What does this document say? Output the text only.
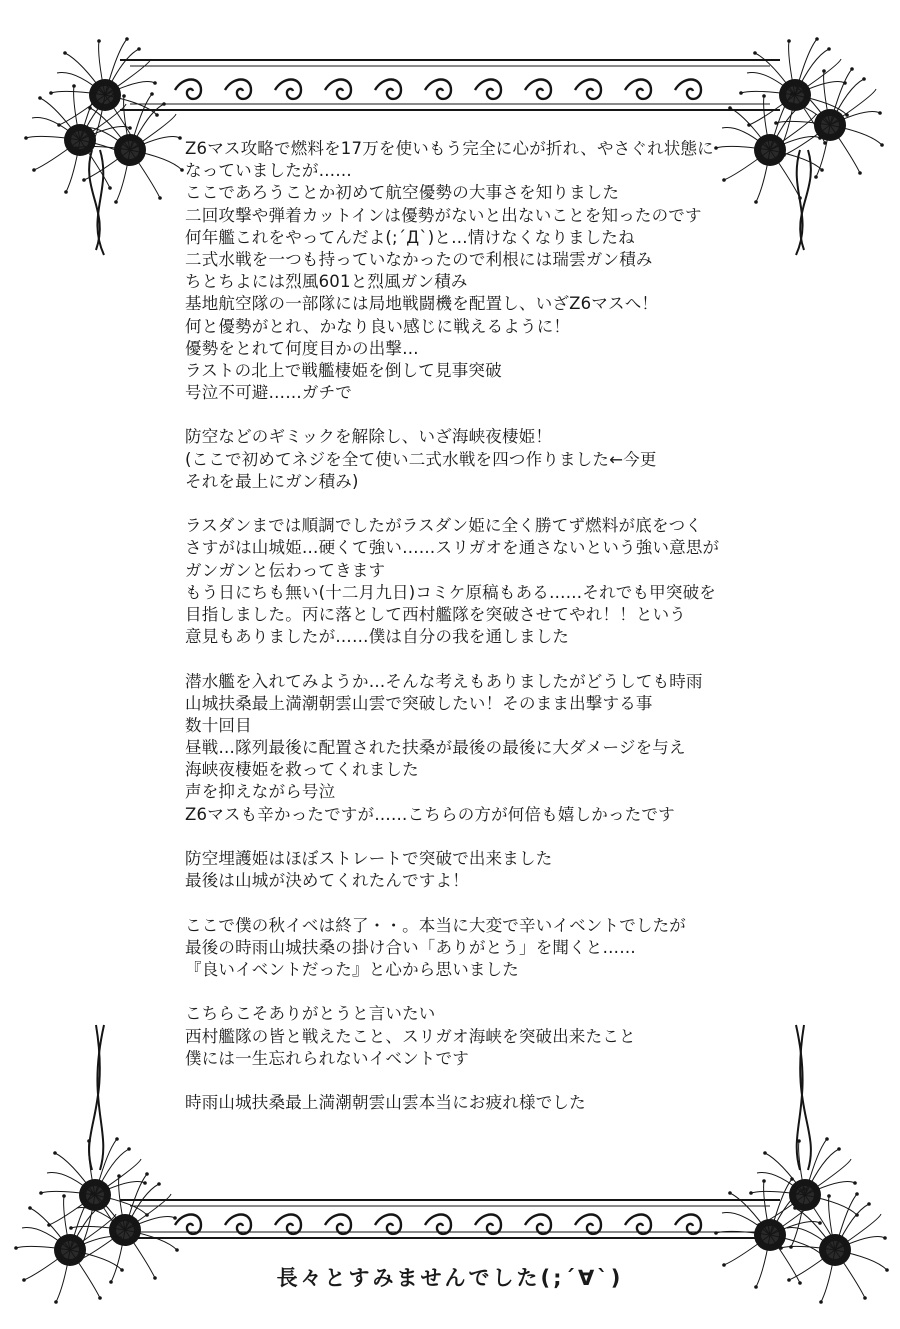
Z6マス攻略で燃料を17万を使いもう完全に心が折れ、やさぐれ状態に
なっていましたが……
ここであろうことか初めて航空優勢の大事さを知りました
二回攻撃や弾着カットインは優勢がないと出ないことを知ったのです
何年艦これをやってんだよ(;´Д`)と…情けなくなりましたね
二式水戦を一つも持っていなかったので利根には瑞雲ガン積み
ちとちよには烈風601と烈風ガン積み
基地航空隊の一部隊には局地戦闘機を配置し、いざZ6マスへ！
何と優勢がとれ、かなり良い感じに戦えるように！
優勢をとれて何度目かの出撃…
ラストの北上で戦艦棲姫を倒して見事突破
号泣不可避……ガチで
防空などのギミックを解除し、いざ海峡夜棲姫！
(ここで初めてネジを全て使い二式水戦を四つ作りました←今更
それを最上にガン積み)
ラスダンまでは順調でしたがラスダン姫に全く勝てず燃料が底をつく
さすがは山城姫…硬くて強い……スリガオを通さないという強い意思が
ガンガンと伝わってきます
もう日にちも無い(十二月九日)コミケ原稿もある……それでも甲突破を
目指しました。丙に落として西村艦隊を突破させてやれ！！という
意見もありましたが……僕は自分の我を通しました
潜水艦を入れてみようか…そんな考えもありましたがどうしても時雨
山城扶桑最上満潮朝雲山雲で突破したい！そのまま出撃する事
数十回目
昼戦…隊列最後に配置された扶桑が最後の最後に大ダメージを与え
海峡夜棲姫を救ってくれました
声を抑えながら号泣
Z6マスも辛かったですが……こちらの方が何倍も嬉しかったです
防空埋護姫はほぼストレートで突破で出来ました
最後は山城が決めてくれたんですよ！
ここで僕の秋イベは終了・・。本当に大変で辛いイベントでしたが
最後の時雨山城扶桑の掛け合い「ありがとう」を聞くと……
『良いイベントだった』と心から思いました
こちらこそありがとうと言いたい
西村艦隊の皆と戦えたこと、スリガオ海峡を突破出来たこと
僕には一生忘れられないイベントです
時雨山城扶桑最上満潮朝雲山雲本当にお疲れ様でした
長々とすみませんでした(;´∀`)
